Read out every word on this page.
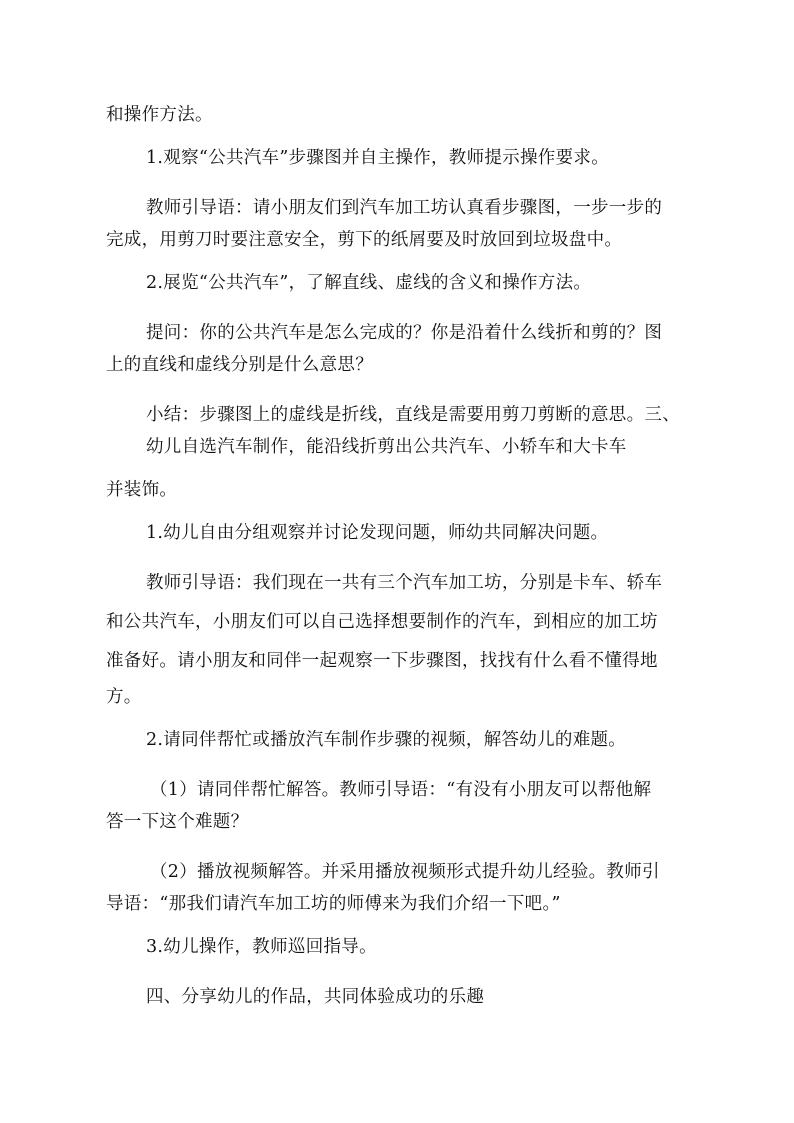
和操作方法。
1.观察“公共汽车”步骤图并自主操作，教师提示操作要求。
教师引导语：请小朋友们到汽车加工坊认真看步骤图，一步一步的
完成，用剪刀时要注意安全，剪下的纸屑要及时放回到垃圾盘中。
2.展览“公共汽车”，了解直线、虚线的含义和操作方法。
提问：你的公共汽车是怎么完成的？你是沿着什么线折和剪的？图
上的直线和虚线分别是什么意思？
小结：步骤图上的虚线是折线，直线是需要用剪刀剪断的意思。三、
幼儿自选汽车制作，能沿线折剪出公共汽车、小轿车和大卡车
并装饰。
1.幼儿自由分组观察并讨论发现问题，师幼共同解决问题。
教师引导语：我们现在一共有三个汽车加工坊，分别是卡车、轿车
和公共汽车，小朋友们可以自己选择想要制作的汽车，到相应的加工坊
准备好。请小朋友和同伴一起观察一下步骤图，找找有什么看不懂得地
方。
2.请同伴帮忙或播放汽车制作步骤的视频，解答幼儿的难题。
（1）请同伴帮忙解答。教师引导语：“有没有小朋友可以帮他解
答一下这个难题？
（2）播放视频解答。并采用播放视频形式提升幼儿经验。教师引
导语：“那我们请汽车加工坊的师傅来为我们介绍一下吧。”
3.幼儿操作，教师巡回指导。
四、分享幼儿的作品，共同体验成功的乐趣
